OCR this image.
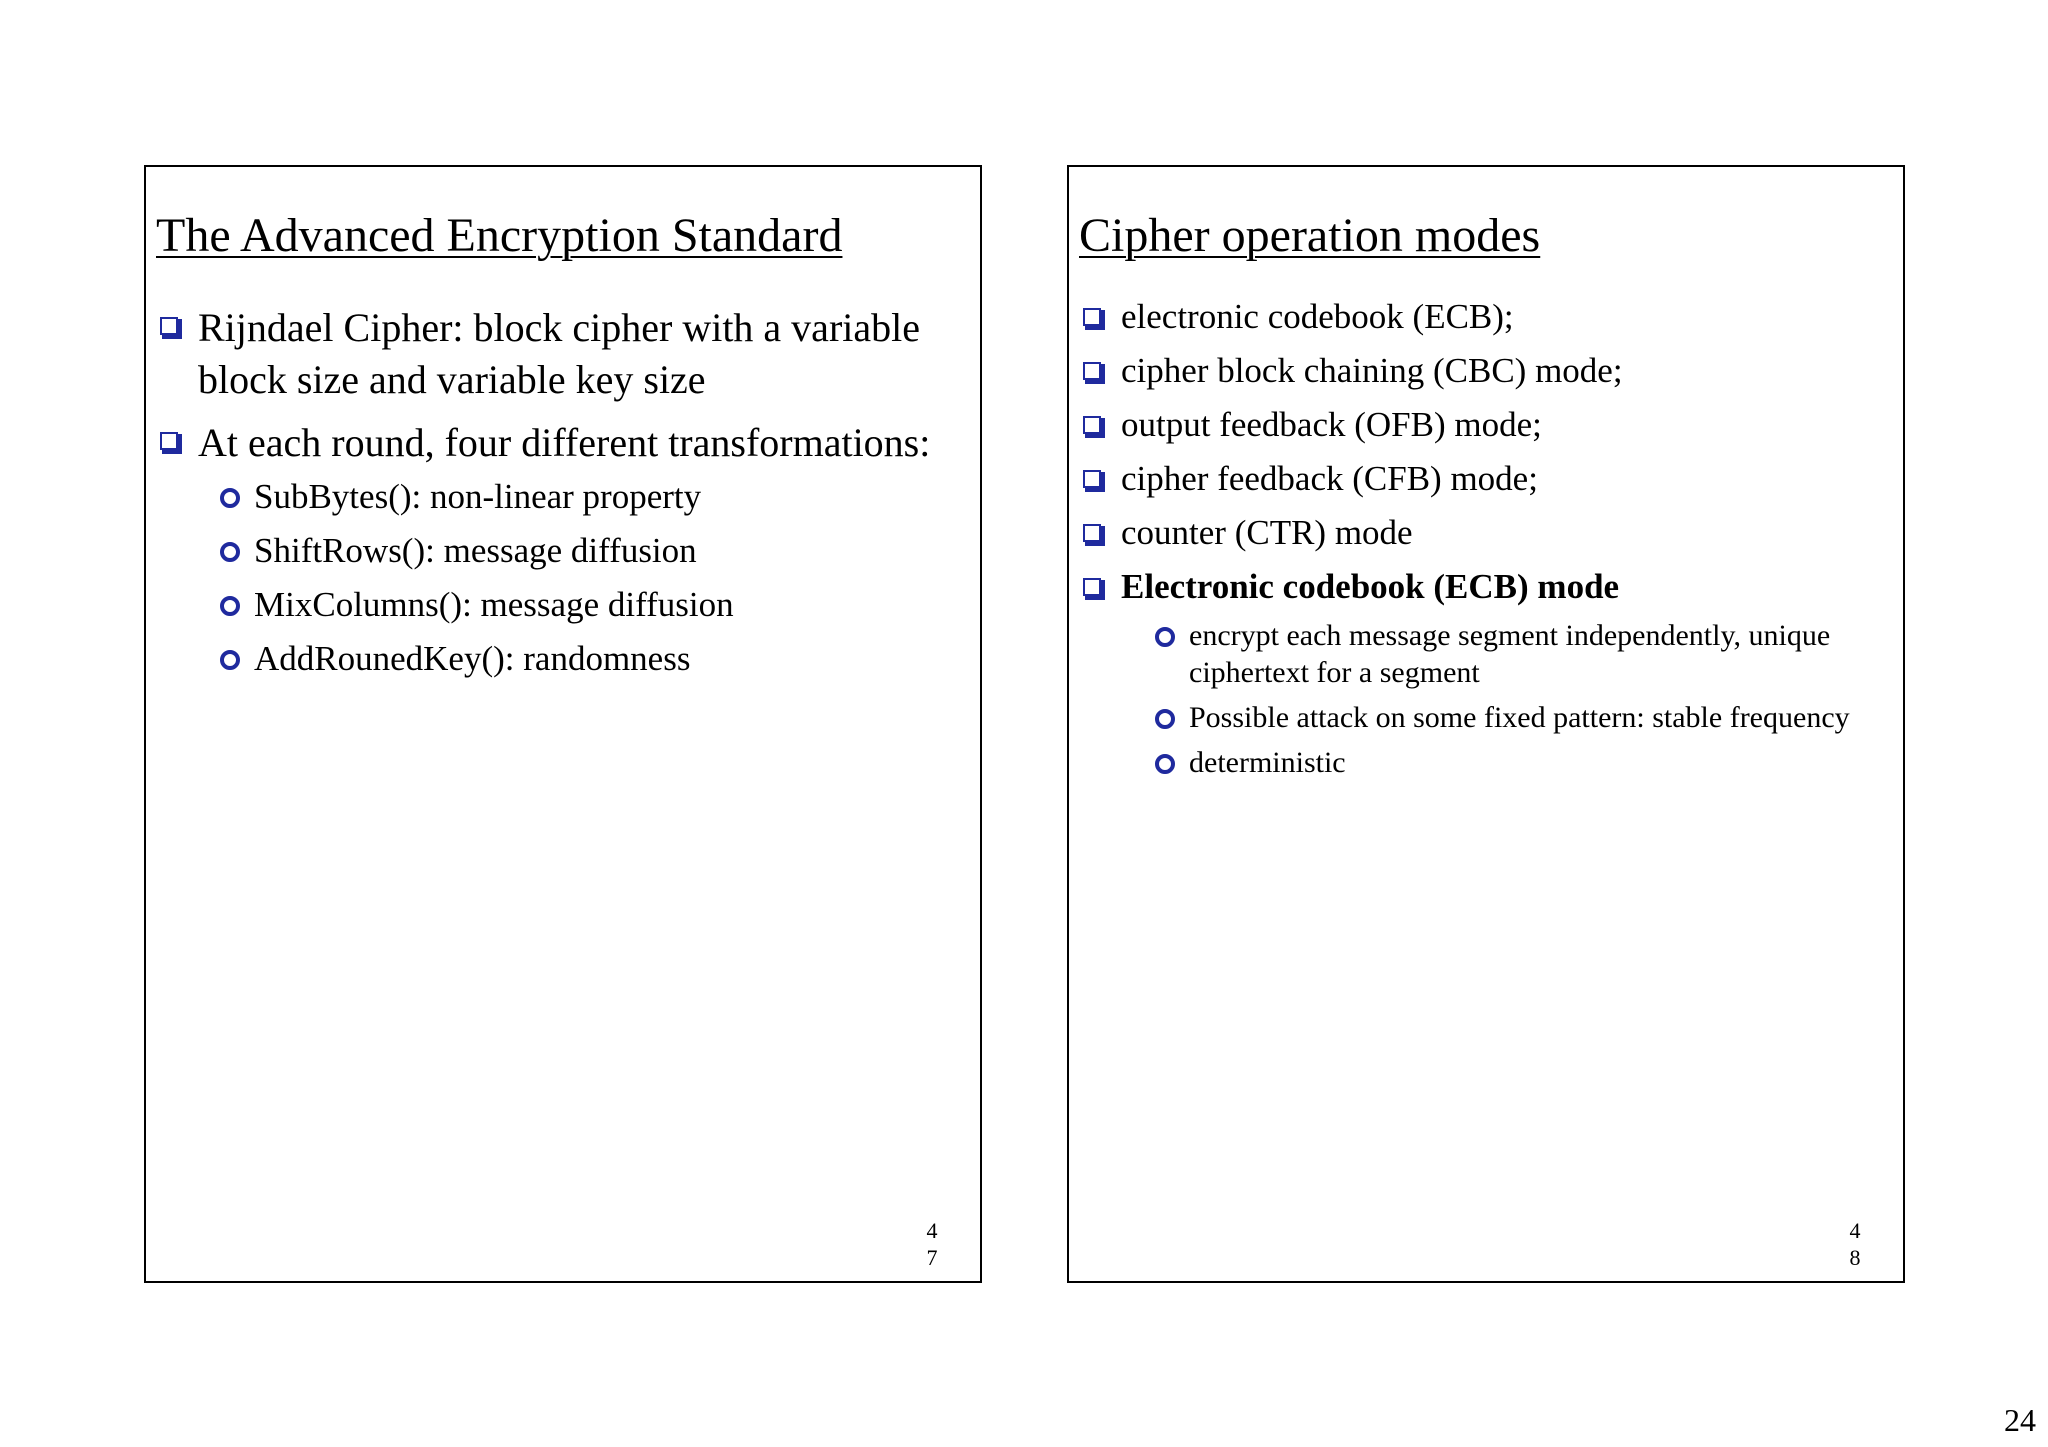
The Advanced Encryption Standard
Rijndael Cipher: block cipher with a variable block size and variable key size
At each round, four different transformations:
SubBytes(): non-linear property
ShiftRows(): message diffusion
MixColumns(): message diffusion
AddRounedKey(): randomness
4
7
Cipher operation modes
electronic codebook (ECB);
cipher block chaining (CBC) mode;
output feedback (OFB) mode;
cipher feedback (CFB) mode;
counter (CTR) mode
Electronic codebook (ECB) mode
encrypt each message segment independently, unique ciphertext for a segment
Possible attack on some fixed pattern: stable frequency
deterministic
4
8
24
